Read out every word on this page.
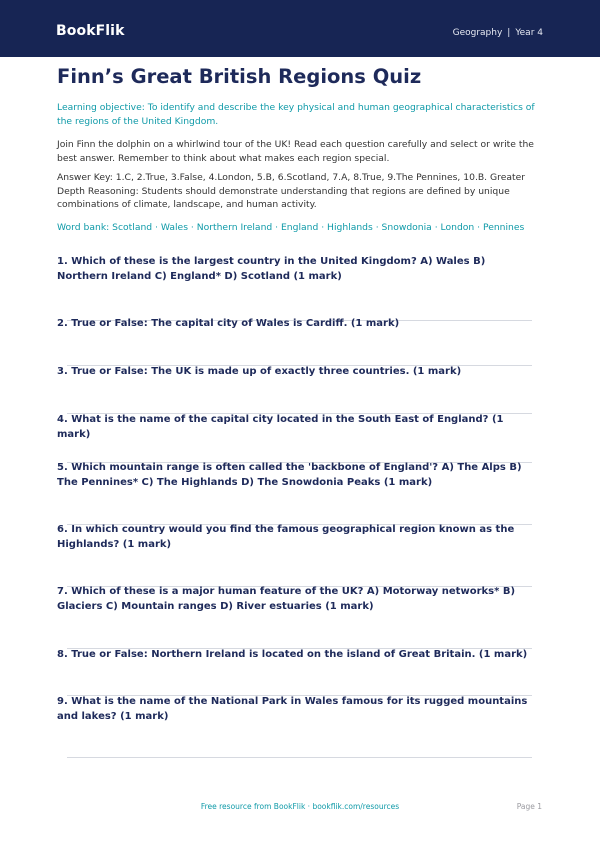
BookFlik	Geography | Year 4
Finn’s Great British Regions Quiz
Learning objective: To identify and describe the key physical and human geographical characteristics of the regions of the United Kingdom.
Join Finn the dolphin on a whirlwind tour of the UK! Read each question carefully and select or write the best answer. Remember to think about what makes each region special.
Answer Key: 1.C, 2.True, 3.False, 4.London, 5.B, 6.Scotland, 7.A, 8.True, 9.The Pennines, 10.B. Greater Depth Reasoning: Students should demonstrate understanding that regions are defined by unique combinations of climate, landscape, and human activity.
Word bank: Scotland · Wales · Northern Ireland · England · Highlands · Snowdonia · London · Pennines
1. Which of these is the largest country in the United Kingdom? A) Wales B) Northern Ireland C) England* D) Scotland (1 mark)
2. True or False: The capital city of Wales is Cardiff. (1 mark)
3. True or False: The UK is made up of exactly three countries. (1 mark)
4. What is the name of the capital city located in the South East of England? (1 mark)
5. Which mountain range is often called the 'backbone of England'? A) The Alps B) The Pennines* C) The Highlands D) The Snowdonia Peaks (1 mark)
6. In which country would you find the famous geographical region known as the Highlands? (1 mark)
7. Which of these is a major human feature of the UK? A) Motorway networks* B) Glaciers C) Mountain ranges D) River estuaries (1 mark)
8. True or False: Northern Ireland is located on the island of Great Britain. (1 mark)
9. What is the name of the National Park in Wales famous for its rugged mountains and lakes? (1 mark)
Free resource from BookFlik · bookflik.com/resources	Page 1
